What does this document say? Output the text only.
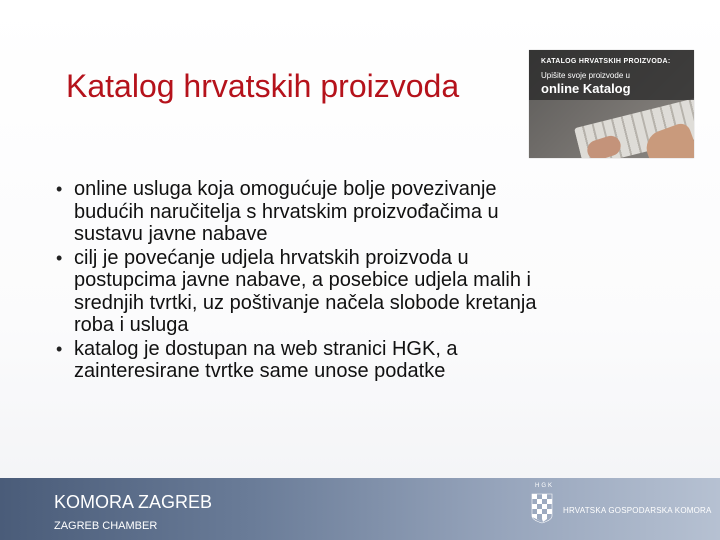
Katalog hrvatskih proizvoda
KATALOG HRVATSKIH PROIZVODA:
Upišite svoje proizvode u
online Katalog
• online usluga koja omogućuje bolje povezivanje
budućih naručitelja s hrvatskim proizvođačima u
sustavu javne nabave
• cilj je povećanje udjela hrvatskih proizvoda u
postupcima javne nabave, a posebice udjela malih i
srednjih tvrtki, uz poštivanje načela slobode kretanja
roba i usluga
• katalog je dostupan na web stranici HGK, a
zainteresirane tvrtke same unose podatke
KOMORA ZAGREB
ZAGREB CHAMBER
HGK
HRVATSKA GOSPODARSKA KOMORA
